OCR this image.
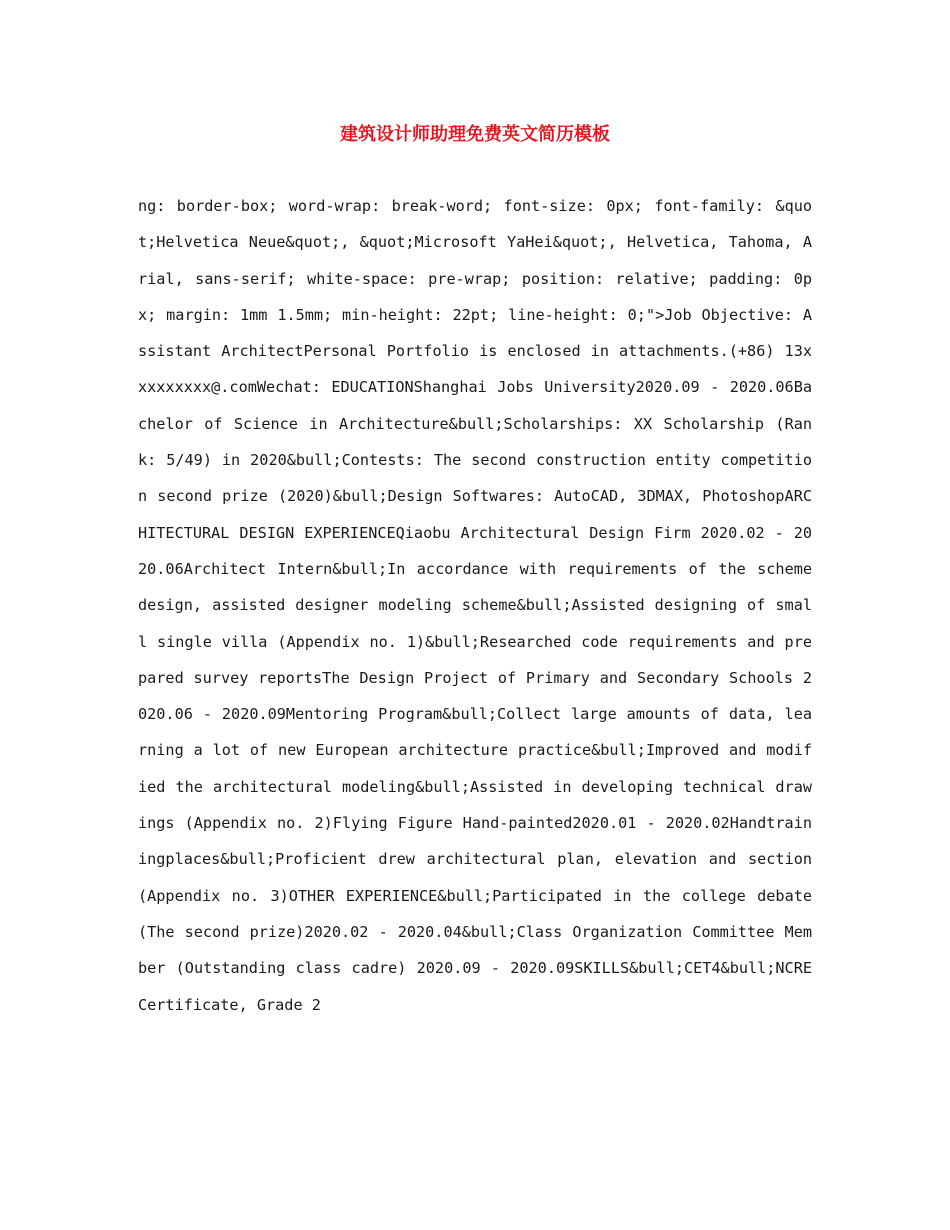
建筑设计师助理免费英文简历模板

ng: border-box; word-wrap: break-word; font-size: 0px; font-family: &quot;Helvetica Neue&quot;, &quot;Microsoft YaHei&quot;, Helvetica, Tahoma, Arial, sans-serif; white-space: pre-wrap; position: relative; padding: 0px; margin: 1mm 1.5mm; min-height: 22pt; line-height: 0;">Job Objective: Assistant ArchitectPersonal Portfolio is enclosed in attachments.(+86) 13xxxxxxxxx@.comWechat: EDUCATIONShanghai Jobs University2020.09 - 2020.06Bachelor of Science in Architecture&bull;Scholarships: XX Scholarship (Rank: 5/49) in 2020&bull;Contests: The second construction entity competition second prize (2020)&bull;Design Softwares: AutoCAD, 3DMAX, PhotoshopARCHITECTURAL DESIGN EXPERIENCEQiaobu Architectural Design Firm 2020.02 - 2020.06Architect Intern&bull;In accordance with requirements of the scheme design, assisted designer modeling scheme&bull;Assisted designing of small single villa (Appendix no. 1)&bull;Researched code requirements and prepared survey reportsThe Design Project of Primary and Secondary Schools 2020.06 - 2020.09Mentoring Program&bull;Collect large amounts of data, learning a lot of new European architecture practice&bull;Improved and modified the architectural modeling&bull;Assisted in developing technical drawings (Appendix no. 2)Flying Figure Hand-painted2020.01 - 2020.02Handtrainingplaces&bull;Proficient drew architectural plan, elevation and section (Appendix no. 3)OTHER EXPERIENCE&bull;Participated in the college debate (The second prize)2020.02 - 2020.04&bull;Class Organization Committee Member (Outstanding class cadre) 2020.09 - 2020.09SKILLS&bull;CET4&bull;NCRE Certificate, Grade 2
